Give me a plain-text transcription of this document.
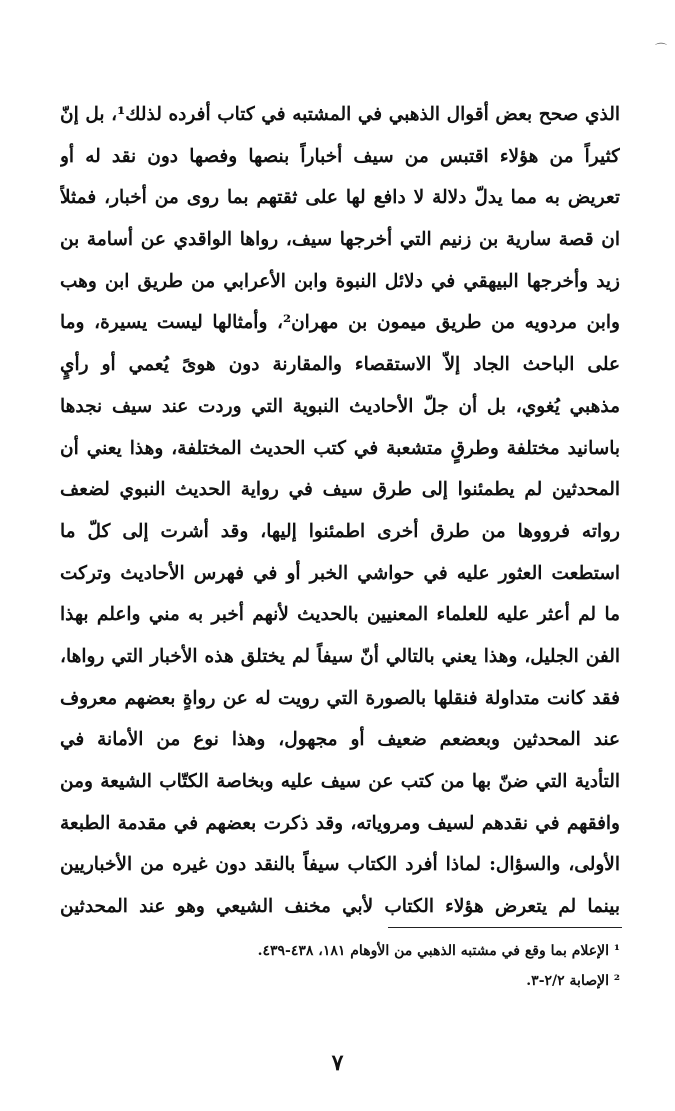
⌒
الذي صحح بعض أقوال الذهبي في المشتبه في كتاب أفرده لذلك¹، بل إنّ
كثيراً من هؤلاء اقتبس من سيف أخباراً بنصها وفصها دون نقد له أو
تعريض به مما يدلّ دلالة لا دافع لها على ثقتهم بما روى من أخبار، فمثلاً
ان قصة سارية بن زنيم التي أخرجها سيف، رواها الواقدي عن أسامة بن
زيد وأخرجها البيهقي في دلائل النبوة وابن الأعرابي من طريق ابن وهب
وابن مردويه من طريق ميمون بن مهران²، وأمثالها ليست يسيرة، وما
على الباحث الجاد إلاّ الاستقصاء والمقارنة دون هوىً يُعمي أو رأيٍ
مذهبي يُغوي، بل أن جلّ الأحاديث النبوية التي وردت عند سيف نجدها
باسانيد مختلفة وطرقٍ متشعبة في كتب الحديث المختلفة، وهذا يعني أن
المحدثين لم يطمئنوا إلى طرق سيف في رواية الحديث النبوي لضعف
رواته فرووها من طرق أخرى اطمئنوا إليها، وقد أشرت إلى كلّ ما
استطعت العثور عليه في حواشي الخبر أو في فهرس الأحاديث وتركت
ما لم أعثر عليه للعلماء المعنيين بالحديث لأنهم أخبر به مني واعلم بهذا
الفن الجليل، وهذا يعني بالتالي أنّ سيفاً لم يختلق هذه الأخبار التي رواها،
فقد كانت متداولة فنقلها بالصورة التي رويت له عن رواةٍ بعضهم معروف
عند المحدثين وبعضعم ضعيف أو مجهول، وهذا نوع من الأمانة في
التأدية التي ضنّ بها من كتب عن سيف عليه وبخاصة الكتّاب الشيعة ومن
وافقهم في نقدهم لسيف ومروياته، وقد ذكرت بعضهم في مقدمة الطبعة
الأولى، والسؤال: لماذا أفرد الكتاب سيفاً بالنقد دون غيره من الأخباريين
بينما لم يتعرض هؤلاء الكتاب لأبي مخنف الشيعي وهو عند المحدثين
¹ الإعلام بما وقع في مشتبه الذهبي من الأوهام ١٨١، ٤٣٨-٤٣٩.
² الإصابة ٢/٢-٣.
٧
